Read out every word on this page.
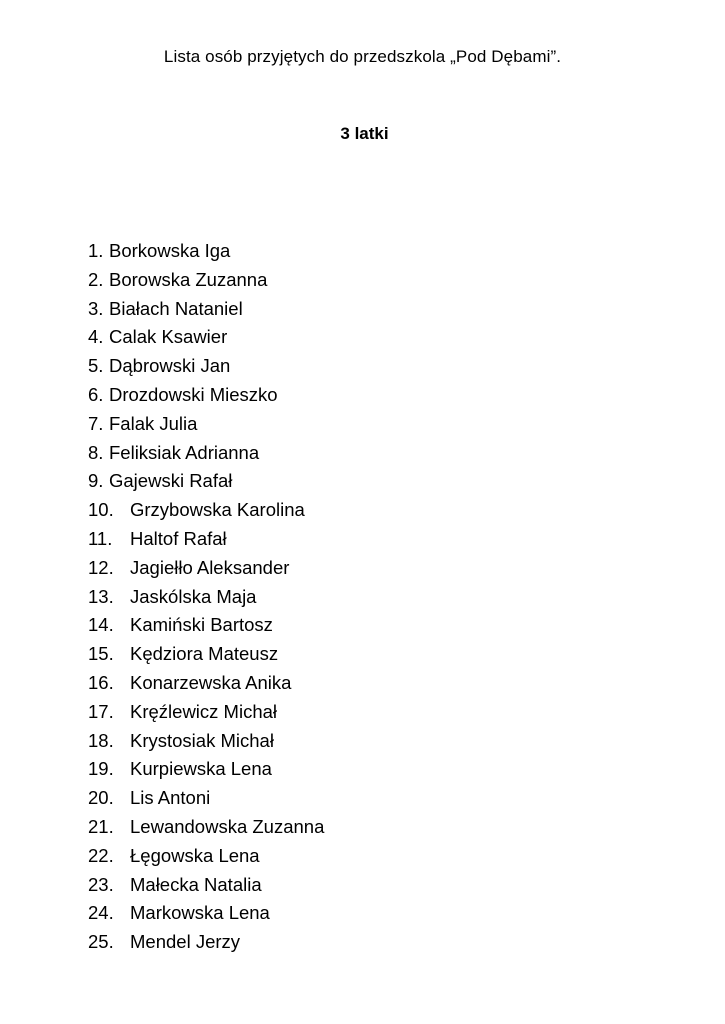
Lista osób przyjętych do przedszkola „Pod Dębami”.
3 latki
1. Borkowska Iga
2. Borowska Zuzanna
3. Białach Nataniel
4. Calak Ksawier
5. Dąbrowski Jan
6. Drozdowski Mieszko
7. Falak Julia
8. Feliksiak Adrianna
9. Gajewski Rafał
10. Grzybowska Karolina
11. Haltof Rafał
12. Jagiełło Aleksander
13. Jaskólska Maja
14. Kamiński Bartosz
15. Kędziora Mateusz
16. Konarzewska Anika
17. Kręźlewicz Michał
18. Krystosiak Michał
19. Kurpiewska Lena
20. Lis Antoni
21. Lewandowska Zuzanna
22. Łęgowska Lena
23. Małecka Natalia
24. Markowska Lena
25. Mendel Jerzy
